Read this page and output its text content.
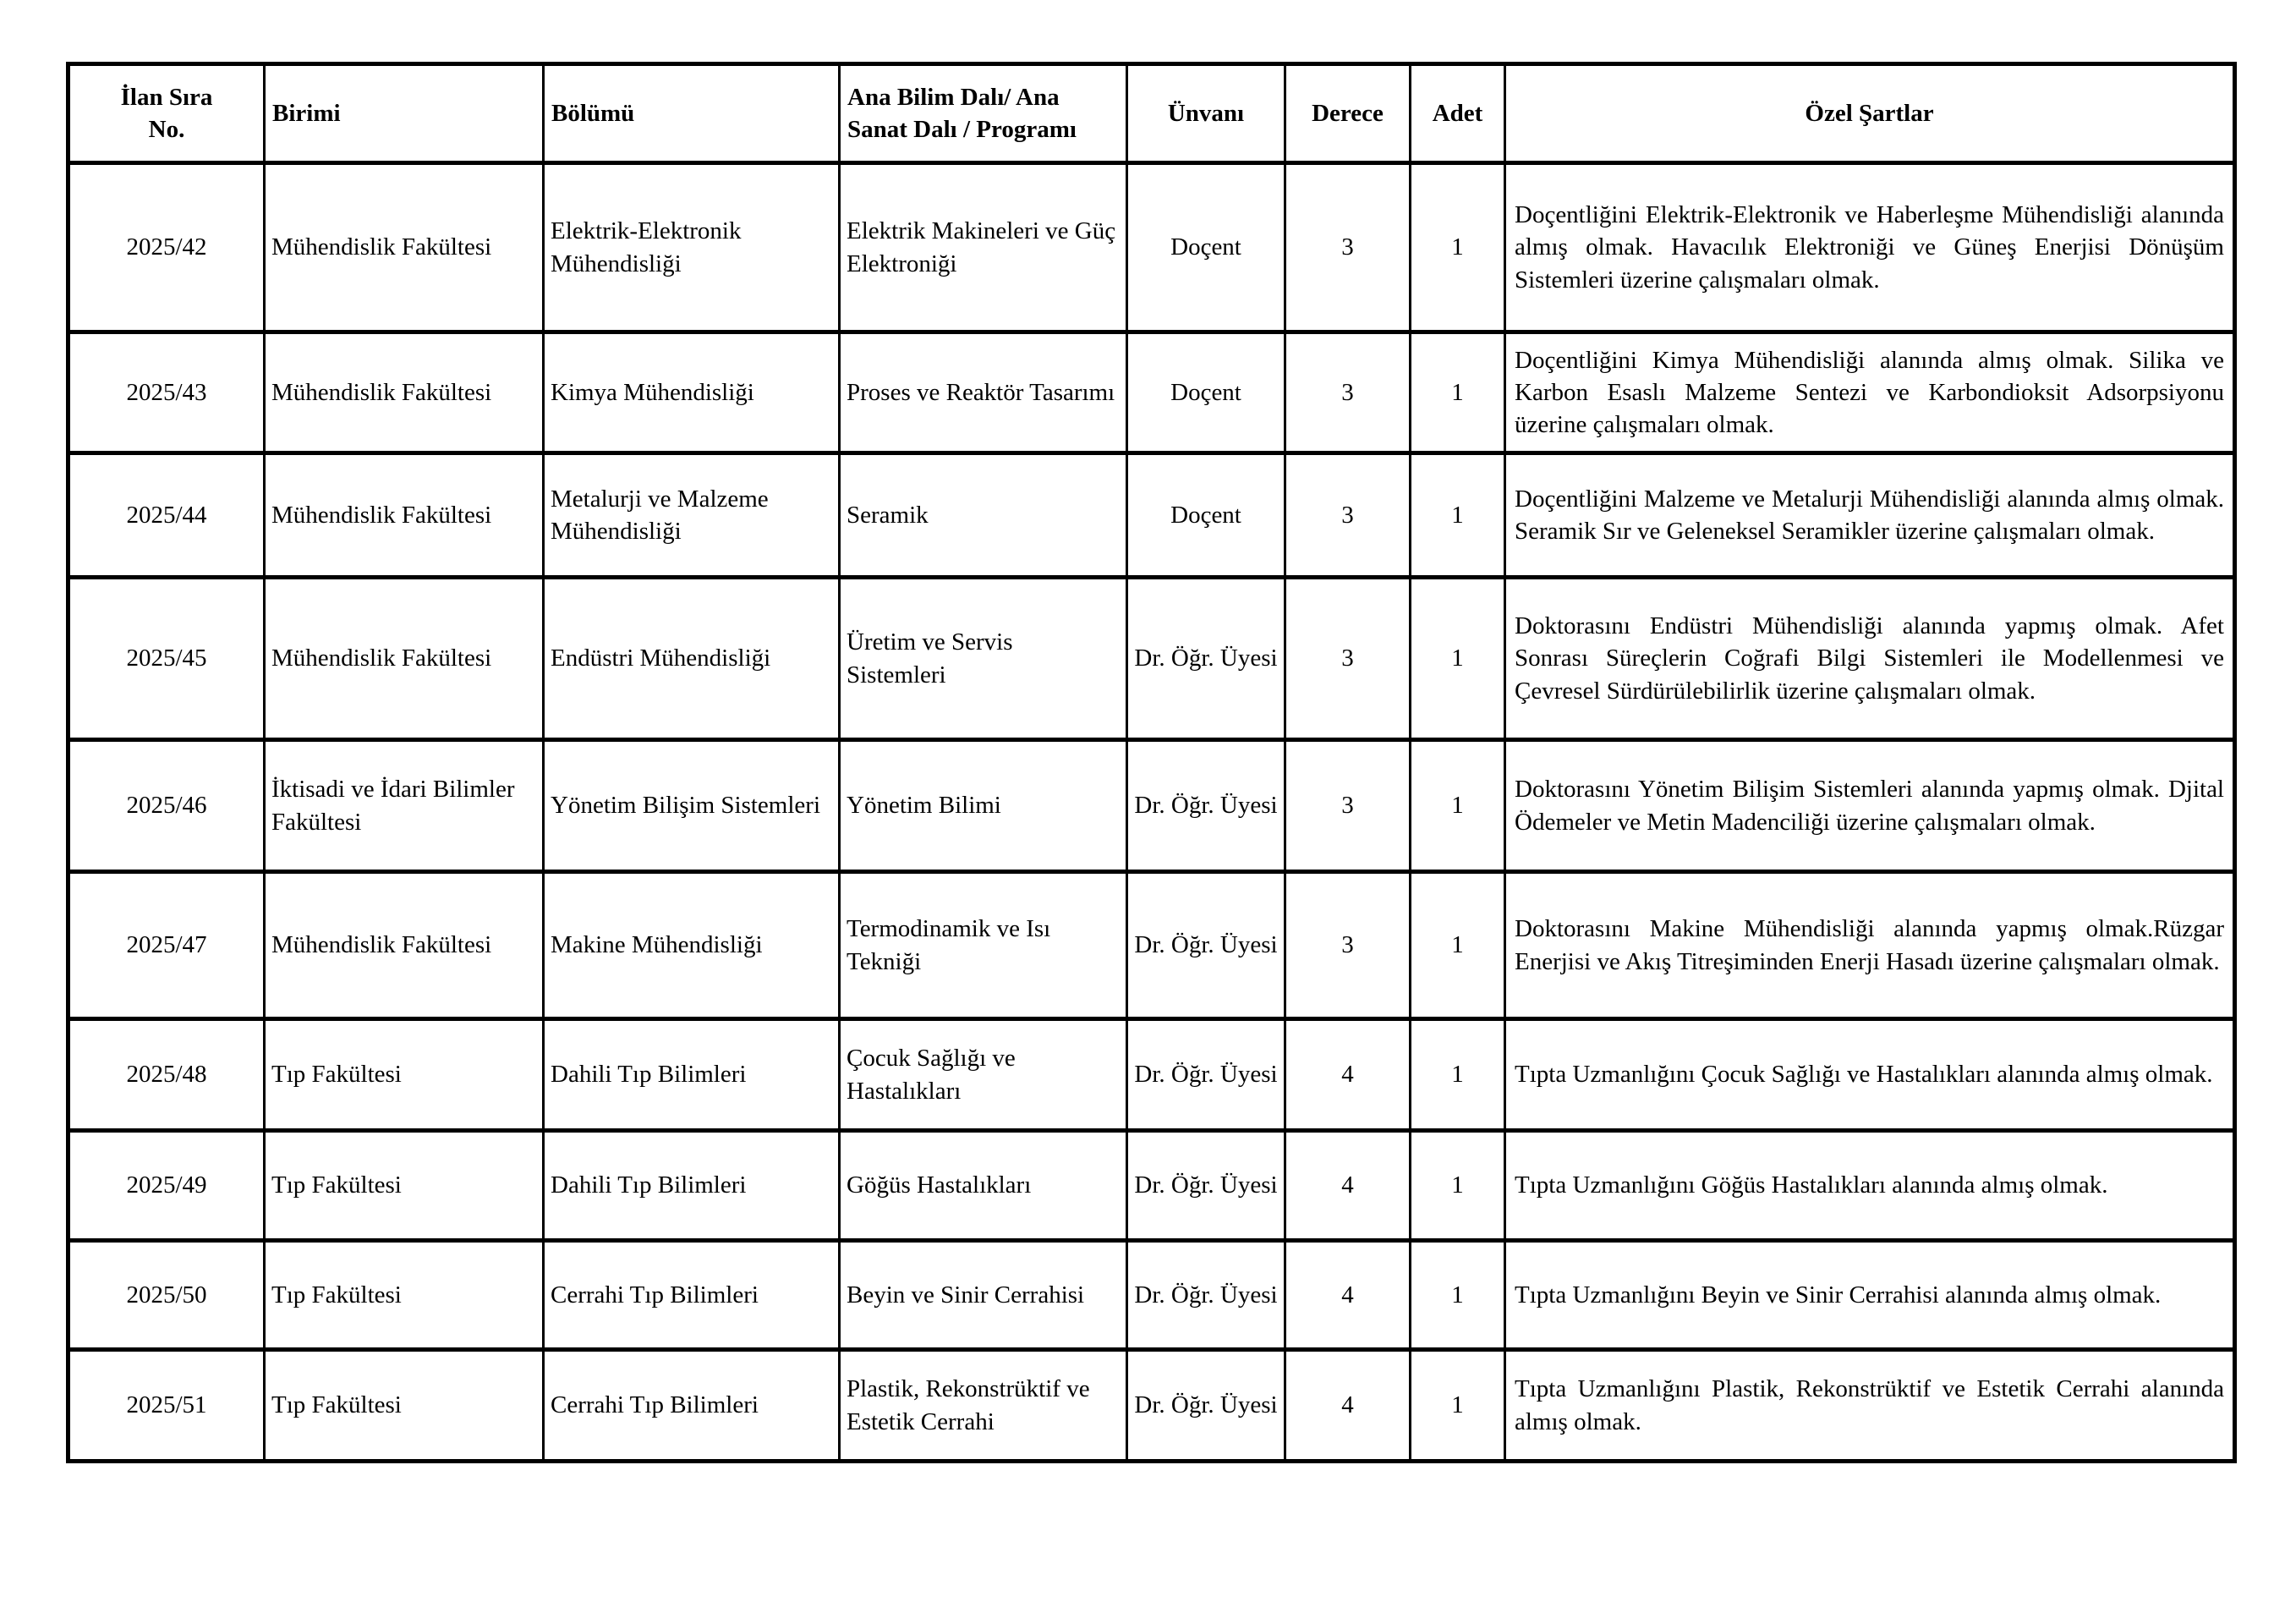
İlan Sıra No.	Birimi	Bölümü	Ana Bilim Dalı/ Ana Sanat Dalı / Programı	Ünvanı	Derece	Adet	Özel Şartlar
2025/42	Mühendislik Fakültesi	Elektrik-Elektronik Mühendisliği	Elektrik Makineleri ve Güç Elektroniği	Doçent	3	1	Doçentliğini Elektrik-Elektronik ve Haberleşme Mühendisliği alanında almış olmak. Havacılık Elektroniği ve Güneş Enerjisi Dönüşüm Sistemleri üzerine çalışmaları olmak.
2025/43	Mühendislik Fakültesi	Kimya Mühendisliği	Proses ve Reaktör Tasarımı	Doçent	3	1	Doçentliğini Kimya Mühendisliği alanında almış olmak. Silika ve Karbon Esaslı Malzeme Sentezi ve Karbondioksit Adsorpsiyonu üzerine çalışmaları olmak.
2025/44	Mühendislik Fakültesi	Metalurji ve Malzeme Mühendisliği	Seramik	Doçent	3	1	Doçentliğini Malzeme ve Metalurji Mühendisliği alanında almış olmak. Seramik Sır ve Geleneksel Seramikler üzerine çalışmaları olmak.
2025/45	Mühendislik Fakültesi	Endüstri Mühendisliği	Üretim ve Servis Sistemleri	Dr. Öğr. Üyesi	3	1	Doktorasını Endüstri Mühendisliği alanında yapmış olmak. Afet Sonrası Süreçlerin Coğrafi Bilgi Sistemleri ile Modellenmesi ve Çevresel Sürdürülebilirlik üzerine çalışmaları olmak.
2025/46	İktisadi ve İdari Bilimler Fakültesi	Yönetim Bilişim Sistemleri	Yönetim Bilimi	Dr. Öğr. Üyesi	3	1	Doktorasını Yönetim Bilişim Sistemleri alanında yapmış olmak. Djital Ödemeler ve Metin Madenciliği üzerine çalışmaları olmak.
2025/47	Mühendislik Fakültesi	Makine Mühendisliği	Termodinamik ve Isı Tekniği	Dr. Öğr. Üyesi	3	1	Doktorasını Makine Mühendisliği alanında yapmış olmak.Rüzgar Enerjisi ve Akış Titreşiminden Enerji Hasadı üzerine çalışmaları olmak.
2025/48	Tıp Fakültesi	Dahili Tıp Bilimleri	Çocuk Sağlığı ve Hastalıkları	Dr. Öğr. Üyesi	4	1	Tıpta Uzmanlığını Çocuk Sağlığı ve Hastalıkları alanında almış olmak.
2025/49	Tıp Fakültesi	Dahili Tıp Bilimleri	Göğüs Hastalıkları	Dr. Öğr. Üyesi	4	1	Tıpta Uzmanlığını Göğüs Hastalıkları alanında almış olmak.
2025/50	Tıp Fakültesi	Cerrahi Tıp Bilimleri	Beyin ve Sinir Cerrahisi	Dr. Öğr. Üyesi	4	1	Tıpta Uzmanlığını Beyin ve Sinir Cerrahisi alanında almış olmak.
2025/51	Tıp Fakültesi	Cerrahi Tıp Bilimleri	Plastik, Rekonstrüktif ve Estetik Cerrahi	Dr. Öğr. Üyesi	4	1	Tıpta Uzmanlığını Plastik, Rekonstrüktif ve Estetik Cerrahi alanında almış olmak.
